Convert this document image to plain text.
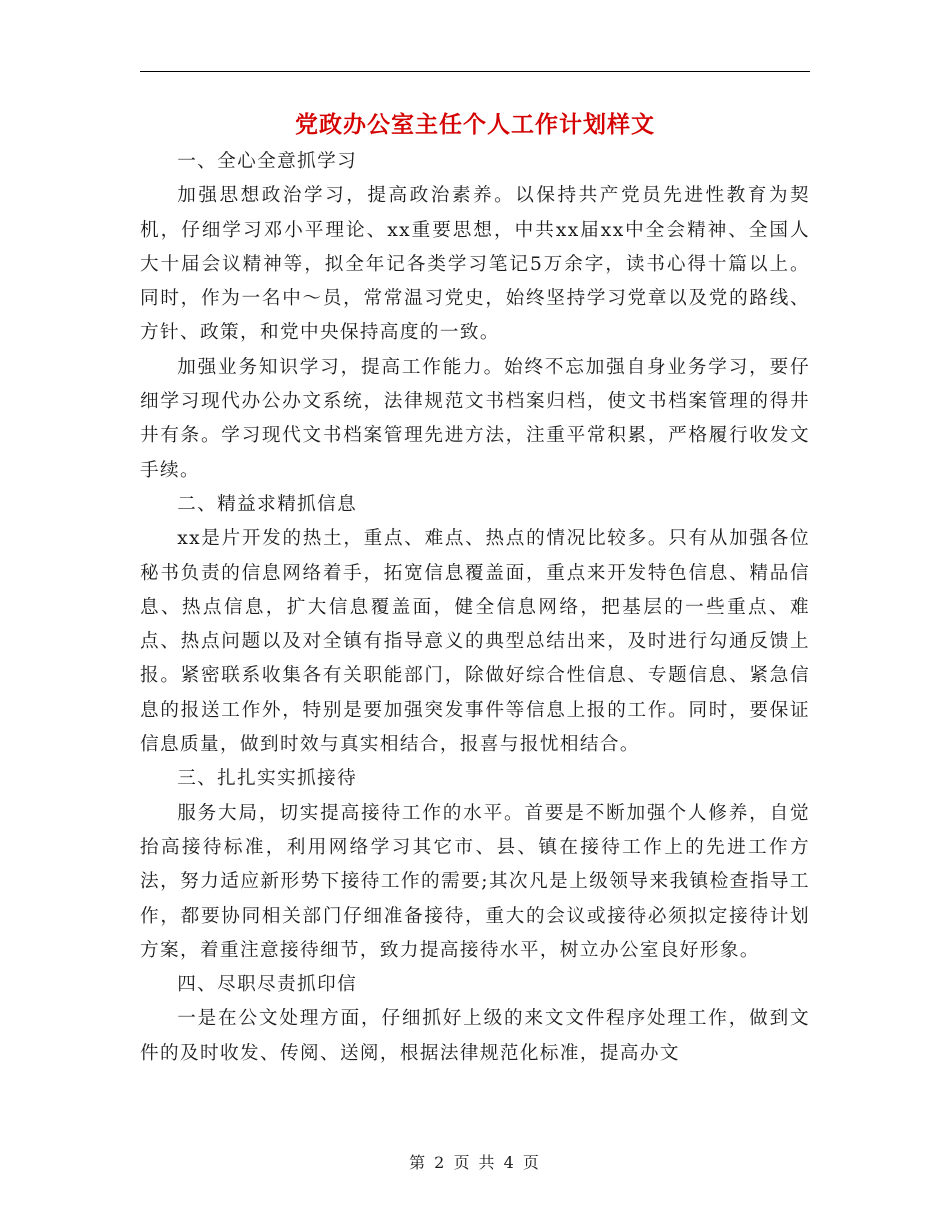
党政办公室主任个人工作计划样文

一、全心全意抓学习

加强思想政治学习，提高政治素养。以保持共产党员先进性教育为契机，仔细学习邓小平理论、xx重要思想，中共xx届xx中全会精神、全国人大十届会议精神等，拟全年记各类学习笔记5万余字，读书心得十篇以上。同时，作为一名中～员，常常温习党史，始终坚持学习党章以及党的路线、方针、政策，和党中央保持高度的一致。

加强业务知识学习，提高工作能力。始终不忘加强自身业务学习，要仔细学习现代办公办文系统，法律规范文书档案归档，使文书档案管理的得井井有条。学习现代文书档案管理先进方法，注重平常积累，严格履行收发文手续。

二、精益求精抓信息

xx是片开发的热土，重点、难点、热点的情况比较多。只有从加强各位秘书负责的信息网络着手，拓宽信息覆盖面，重点来开发特色信息、精品信息、热点信息，扩大信息覆盖面，健全信息网络，把基层的一些重点、难点、热点问题以及对全镇有指导意义的典型总结出来，及时进行勾通反馈上报。紧密联系收集各有关职能部门，除做好综合性信息、专题信息、紧急信息的报送工作外，特别是要加强突发事件等信息上报的工作。同时，要保证信息质量，做到时效与真实相结合，报喜与报忧相结合。

三、扎扎实实抓接待

服务大局，切实提高接待工作的水平。首要是不断加强个人修养，自觉抬高接待标准，利用网络学习其它市、县、镇在接待工作上的先进工作方法，努力适应新形势下接待工作的需要;其次凡是上级领导来我镇检查指导工作，都要协同相关部门仔细准备接待，重大的会议或接待必须拟定接待计划方案，着重注意接待细节，致力提高接待水平，树立办公室良好形象。

四、尽职尽责抓印信

一是在公文处理方面，仔细抓好上级的来文文件程序处理工作，做到文件的及时收发、传阅、送阅，根据法律规范化标准，提高办文

第 2 页 共 4 页
